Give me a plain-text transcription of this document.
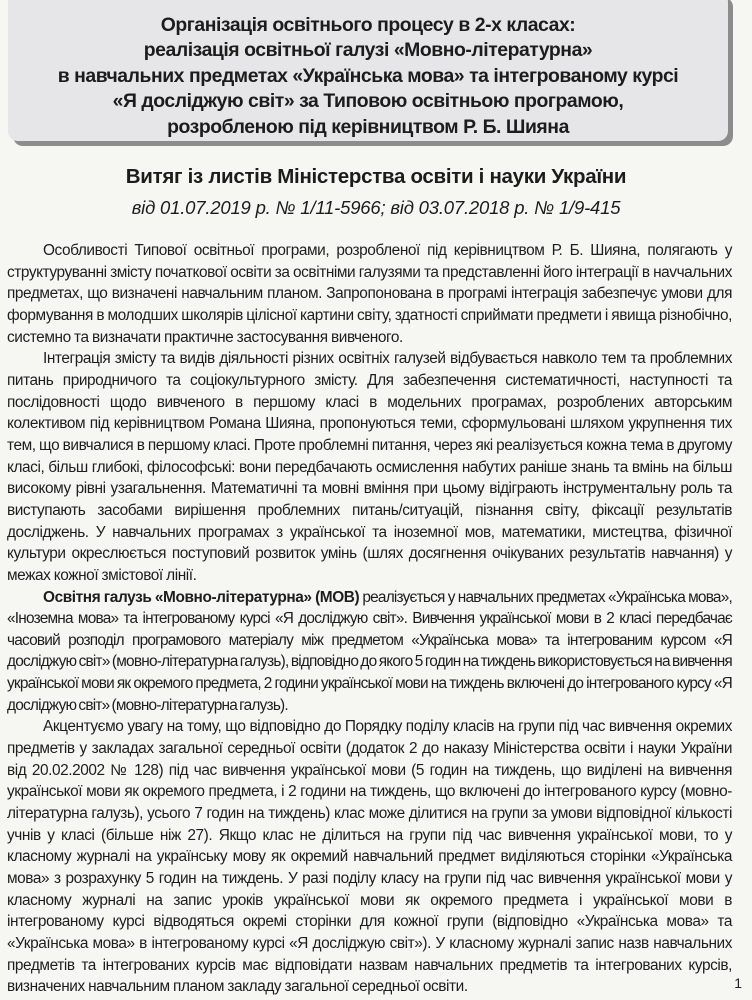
Організація освітнього процесу в 2-х класах:
реалізація освітньої галузі «Мовно-літературна»
в навчальних предметах «Українська мова» та інтегрованому курсі
«Я досліджую світ» за Типовою освітньою програмою,
розробленою під керівництвом Р. Б. Шияна
Витяг із листів Міністерства освіти і науки України
від 01.07.2019 р. № 1/11-5966; від 03.07.2018 р. № 1/9-415

Особливості Типової освітньої програми, розробленої під керівництвом Р. Б. Шияна, полягають у структуруванні змісту початкової освіти за освітніми галузями та представленні його інтеграції в наvчальних предметах, що визначені навчальним планом. Запропонована в програмі інтеграція забезпечує умови для формування в молодших школярів цілісної картини світу, здатності сприймати предмети і явища різнобічно, системно та визначати практичне застосування вивченого.

Інтеграція змісту та видів діяльності різних освітніх галузей відбувається навколо тем та проблемних питань природничого та соціокультурного змісту. Для забезпечення систематичності, наступності та послідовності щодо вивченого в першому класі в модельних програмах, розроблених авторським колективом під керівництвом Романа Шияна, пропонуються теми, сформульовані шляхом укрупнення тих тем, що вивчалися в першому класі. Проте проблемні питання, через які реалізується кожна тема в другому класі, більш глибокі, філософські: вони передбачають осмислення набутих раніше знань та вмінь на більш високому рівні узагальнення. Математичні та мовні вміння при цьому відіграють інструментальну роль та виступають засобами вирішення проблемних питань/ситуацій, пізнання світу, фіксації результатів досліджень. У навчальних програмах з української та іноземної мов, математики, мистецтва, фізичної культури окреслюється поступовий розвиток умінь (шлях досягнення очікуваних результатів навчання) у межах кожної змістової лінії.

Освітня галузь «Мовно-літературна» (МОВ) реалізується у навчальних предметах «Українська мова», «Іноземна мова» та інтегрованому курсі «Я досліджую світ». Вивчення української мови в 2 класі передбачає часовий розподіл програмового матеріалу між предметом «Українська мова» та інтегрованим курсом «Я досліджую світ» (мовно-літературна галузь), відповідно до якого 5 годин на тиждень використовується на вивчення української мови як окремого предмета, 2 години української мови на тиждень включені до інтегрованого курсу «Я досліджую світ» (мовно-літературна галузь).

Акцентуємо увагу на тому, що відповідно до Порядку поділу класів на групи під час вивчення окремих предметів у закладах загальної середньої освіти (додаток 2 до наказу Міністерства освіти і науки України від 20.02.2002 № 128) під час вивчення української мови (5 годин на тиждень, що виділені на вивчення української мови як окремого предмета, і 2 години на тиждень, що включені до інтегрованого курсу (мовно-літературна галузь), усього 7 годин на тиждень) клас може ділитися на групи за умови відповідної кількості учнів у класі (більше ніж 27). Якщо клас не ділиться на групи під час вивчення української мови, то у класному журналі на українську мову як окремий навчальний предмет виділяються сторінки «Українська мова» з розрахунку 5 годин на тиждень. У разі поділу класу на групи під час вивчення української мови у класному журналі на запис уроків української мови як окремого предмета і української мови в інтегрованому курсі відводяться окремі сторінки для кожної групи (відповідно «Українська мова» та «Українська мова» в інтегрованому курсі «Я досліджую світ»). У класному журналі запис назв навчальних предметів та інтегрованих курсів має відповідати назвам навчальних предметів та інтегрованих курсів, визначених навчальним планом закладу загальної середньої освіти.	1
